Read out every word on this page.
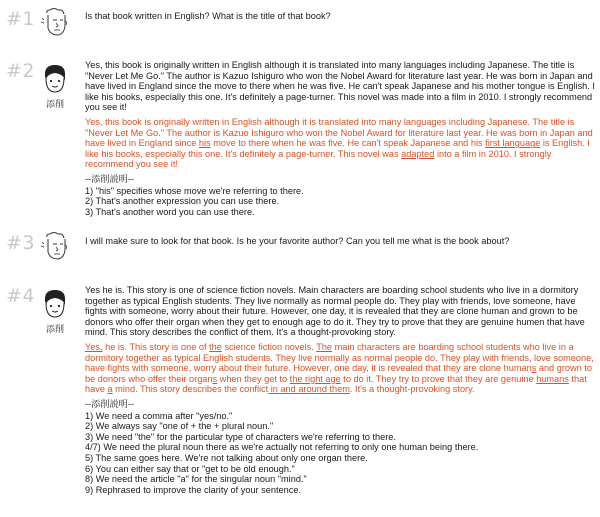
#1	Is that book written in English? What is the title of that book?

#2
添削

Yes, this book is originally written in English although it is translated into many languages including Japanese. The title is "Never Let Me Go." The author is Kazuo Ishiguro who won the Nobel Award for literature last year. He was born in Japan and have lived in England since the move to there when he was five. He can't speak Japanese and his mother tongue is English. I like his books, especially this one. It's definitely a page-turner. This novel was made into a film in 2010. I strongly recommend you see it!

Yes, this book is originally written in English although it is translated into many languages including Japanese. The title is "Never Let Me Go." The author is Kazuo Ishiguro who won the Nobel Award for literature last year. He was born in Japan and have lived in England since his move to there when he was five. He can't speak Japanese and his first language is English. I like his books, especially this one. It's definitely a page-turner. This novel was adapted into a film in 2010. I strongly recommend you see it!

--添削説明--

1) "his" specifies whose move we're referring to there.

2) That's another expression you can use there.

3) That's another word you can use there.

#3	I will make sure to look for that book. Is he your favorite author? Can you tell me what is the book about?

#4
添削

Yes he is. This story is one of science fiction novels. Main characters are boarding school students who live in a dormitory together as typical English students. They live normally as normal people do. They play with friends, love someone, have fights with someone, worry about their future. However, one day, it is revealed that they are clone human and grown to be donors who offer their organ when they get to enough age to do it. They try to prove that they are genuine humen that have mind. This story describes the conflict of them. It's a thought-provoking story.

Yes, he is. This story is one of the science fiction novels. The main characters are boarding school students who live in a dormitory together as typical English students. They live normally as normal people do. They play with friends, love someone, have fights with someone, worry about their future. However, one day, it is revealed that they are clone humans and grown to be donors who offer their organs when they get to the right age to do it. They try to prove that they are genuine humans that have a mind. This story describes the conflict in and around them. It's a thought-provoking story.

--添削説明--

1) We need a comma after "yes/no."

2) We always say "one of + the + plural noun."

3) We need "the" for the particular type of characters we're referring to there.

4/7) We need the plural noun there as we're actually not referring to only one human being there.

5) The same goes here. We're not talking about only one organ there.

6) You can either say that or "get to be old enough."

8) We need the article "a" for the singular noun "mind."

9) Rephrased to improve the clarity of your sentence.
